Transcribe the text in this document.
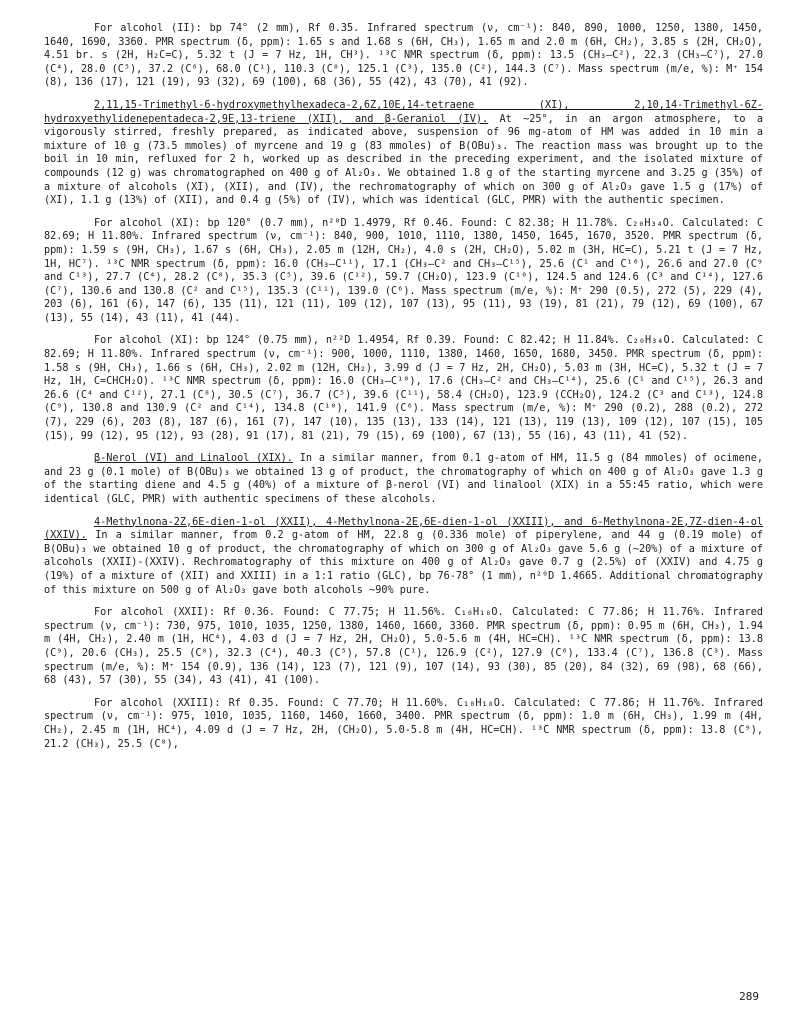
For alcohol (II): bp 74° (2 mm), Rf 0.35. Infrared spectrum (ν, cm⁻¹): 840, 890, 1000, 1250, 1380, 1450, 1640, 1690, 3360. PMR spectrum (δ, ppm): 1.65 s and 1.68 s (6H, CH₃), 1.65 m and 2.0 m (6H, CH₂), 3.85 s (2H, CH₂O), 4.51 br. s (2H, H₂C=C), 5.32 t (J = 7 Hz, 1H, CH³). ¹³C NMR spectrum (δ, ppm): 13.5 (CH₃–C²), 22.3 (CH₃–C⁷), 27.0 (C⁴), 28.0 (C⁵), 37.2 (C⁶), 68.0 (C¹), 110.3 (C⁸), 125.1 (C³), 135.0 (C²), 144.3 (C⁷). Mass spectrum (m/e, %): M⁺ 154 (8), 136 (17), 121 (19), 93 (32), 69 (100), 68 (36), 55 (42), 43 (70), 41 (92).

2,11,15-Trimethyl-6-hydroxymethylhexadeca-2,6Z,10E,14-tetraene (XI), 2,10,14-Trimethyl-6Z-hydroxyethylidenepentadeca-2,9E,13-triene (XII), and β-Geraniol (IV). At ~25°, in an argon atmosphere, to a vigorously stirred, freshly prepared, as indicated above, suspension of 96 mg-atom of HM was added in 10 min a mixture of 10 g (73.5 mmoles) of myrcene and 19 g (83 mmoles) of B(OBu)₃. The reaction mass was brought up to the boil in 10 min, refluxed for 2 h, worked up as described in the preceding experiment, and the isolated mixture of compounds (12 g) was chromatographed on 400 g of Al₂O₃. We obtained 1.8 g of the starting myrcene and 3.25 g (35%) of a mixture of alcohols (XI), (XII), and (IV), the rechromatography of which on 300 g of Al₂O₃ gave 1.5 g (17%) of (XI), 1.1 g (13%) of (XII), and 0.4 g (5%) of (IV), which was identical (GLC, PMR) with the authentic specimen.

For alcohol (XI): bp 120° (0.7 mm), n²⁰D 1.4979, Rf 0.46. Found: C 82.38; H 11.78%. C₂₀H₃₄O. Calculated: C 82.69; H 11.80%. Infrared spectrum (ν, cm⁻¹): 840, 900, 1010, 1110, 1380, 1450, 1645, 1670, 3520. PMR spectrum (δ, ppm): 1.59 s (9H, CH₃), 1.67 s (6H, CH₃), 2.05 m (12H, CH₂), 4.0 s (2H, CH₂O), 5.02 m (3H, HC=C), 5.21 t (J = 7 Hz, 1H, HC⁷). ¹³C NMR spectrum (δ, ppm): 16.0 (CH₃–C¹¹), 17.1 (CH₃–C² and CH₃–C¹⁵), 25.6 (C¹ and C¹⁶), 26.6 and 27.0 (C⁹ and C¹³), 27.7 (C⁴), 28.2 (C⁸), 35.3 (C⁵), 39.6 (C¹²), 59.7 (CH₂O), 123.9 (C¹⁰), 124.5 and 124.6 (C³ and C¹⁴), 127.6 (C⁷), 130.6 and 130.8 (C² and C¹⁵), 135.3 (C¹¹), 139.0 (C⁶). Mass spectrum (m/e, %): M⁺ 290 (0.5), 272 (5), 229 (4), 203 (6), 161 (6), 147 (6), 135 (11), 121 (11), 109 (12), 107 (13), 95 (11), 93 (19), 81 (21), 79 (12), 69 (100), 67 (13), 55 (14), 43 (11), 41 (44).

For alcohol (XI): bp 124° (0.75 mm), n²²D 1.4954, Rf 0.39. Found: C 82.42; H 11.84%. C₂₀H₃₄O. Calculated: C 82.69; H 11.80%. Infrared spectrum (ν, cm⁻¹): 900, 1000, 1110, 1380, 1460, 1650, 1680, 3450. PMR spectrum (δ, ppm): 1.58 s (9H, CH₃), 1.66 s (6H, CH₃), 2.02 m (12H, CH₂), 3.99 d (J = 7 Hz, 2H, CH₂O), 5.03 m (3H, HC=C), 5.32 t (J = 7 Hz, 1H, C=CHCH₂O). ¹³C NMR spectrum (δ, ppm): 16.0 (CH₃–C¹⁰), 17.6 (CH₃–C² and CH₃–C¹⁴), 25.6 (C¹ and C¹⁵), 26.3 and 26.6 (C⁴ and C¹²), 27.1 (C⁸), 30.5 (C⁷), 36.7 (C⁵), 39.6 (C¹¹), 58.4 (CH₂O), 123.9 (CCH₂O), 124.2 (C³ and C¹³), 124.8 (C⁹), 130.8 and 130.9 (C² and C¹⁴), 134.8 (C¹⁰), 141.9 (C⁶). Mass spectrum (m/e, %): M⁺ 290 (0.2), 288 (0.2), 272 (7), 229 (6), 203 (8), 187 (6), 161 (7), 147 (10), 135 (13), 133 (14), 121 (13), 119 (13), 109 (12), 107 (15), 105 (15), 99 (12), 95 (12), 93 (28), 91 (17), 81 (21), 79 (15), 69 (100), 67 (13), 55 (16), 43 (11), 41 (52).

β-Nerol (VI) and Linalool (XIX). In a similar manner, from 0.1 g-atom of HM, 11.5 g (84 mmoles) of ocimene, and 23 g (0.1 mole) of B(OBu)₃ we obtained 13 g of product, the chromatography of which on 400 g of Al₂O₃ gave 1.3 g of the starting diene and 4.5 g (40%) of a mixture of β-nerol (VI) and linalool (XIX) in a 55:45 ratio, which were identical (GLC, PMR) with authentic specimens of these alcohols.

4-Methylnona-2Z,6E-dien-1-ol (XXII), 4-Methylnona-2E,6E-dien-1-ol (XXIII), and 6-Methylnona-2E,7Z-dien-4-ol (XXIV). In a similar manner, from 0.2 g-atom of HM, 22.8 g (0.336 mole) of piperylene, and 44 g (0.19 mole) of B(OBu)₃ we obtained 10 g of product, the chromatography of which on 300 g of Al₂O₃ gave 5.6 g (~20%) of a mixture of alcohols (XXII)-(XXIV). Rechromatography of this mixture on 400 g of Al₂O₃ gave 0.7 g (2.5%) of (XXIV) and 4.75 g (19%) of a mixture of (XII) and XXIII) in a 1:1 ratio (GLC), bp 76-78° (1 mm), n²⁰D 1.4665. Additional chromatography of this mixture on 500 g of Al₂O₃ gave both alcohols ~90% pure.

For alcohol (XXII): Rf 0.36. Found: C 77.75; H 11.56%. C₁₀H₁₈O. Calculated: C 77.86; H 11.76%. Infrared spectrum (ν, cm⁻¹): 730, 975, 1010, 1035, 1250, 1380, 1460, 1660, 3360. PMR spectrum (δ, ppm): 0.95 m (6H, CH₃), 1.94 m (4H, CH₂), 2.40 m (1H, HC⁴), 4.03 d (J = 7 Hz, 2H, CH₂O), 5.0-5.6 m (4H, HC=CH). ¹³C NMR spectrum (δ, ppm): 13.8 (C⁹), 20.6 (CH₃), 25.5 (C⁸), 32.3 (C⁴), 40.3 (C⁵), 57.8 (C¹), 126.9 (C²), 127.9 (C⁶), 133.4 (C⁷), 136.8 (C³). Mass spectrum (m/e, %): M⁺ 154 (0.9), 136 (14), 123 (7), 121 (9), 107 (14), 93 (30), 85 (20), 84 (32), 69 (98), 68 (66), 68 (43), 57 (30), 55 (34), 43 (41), 41 (100).

For alcohol (XXIII): Rf 0.35. Found: C 77.70; H 11.60%. C₁₀H₁₈O. Calculated: C 77.86; H 11.76%. Infrared spectrum (ν, cm⁻¹): 975, 1010, 1035, 1160, 1460, 1660, 3400. PMR spectrum (δ, ppm): 1.0 m (6H, CH₃), 1.99 m (4H, CH₂), 2.45 m (1H, HC⁴), 4.09 d (J = 7 Hz, 2H, (CH₂O), 5.0-5.8 m (4H, HC=CH). ¹³C NMR spectrum (δ, ppm): 13.8 (C⁹), 21.2 (CH₃), 25.5 (C⁸),

289
